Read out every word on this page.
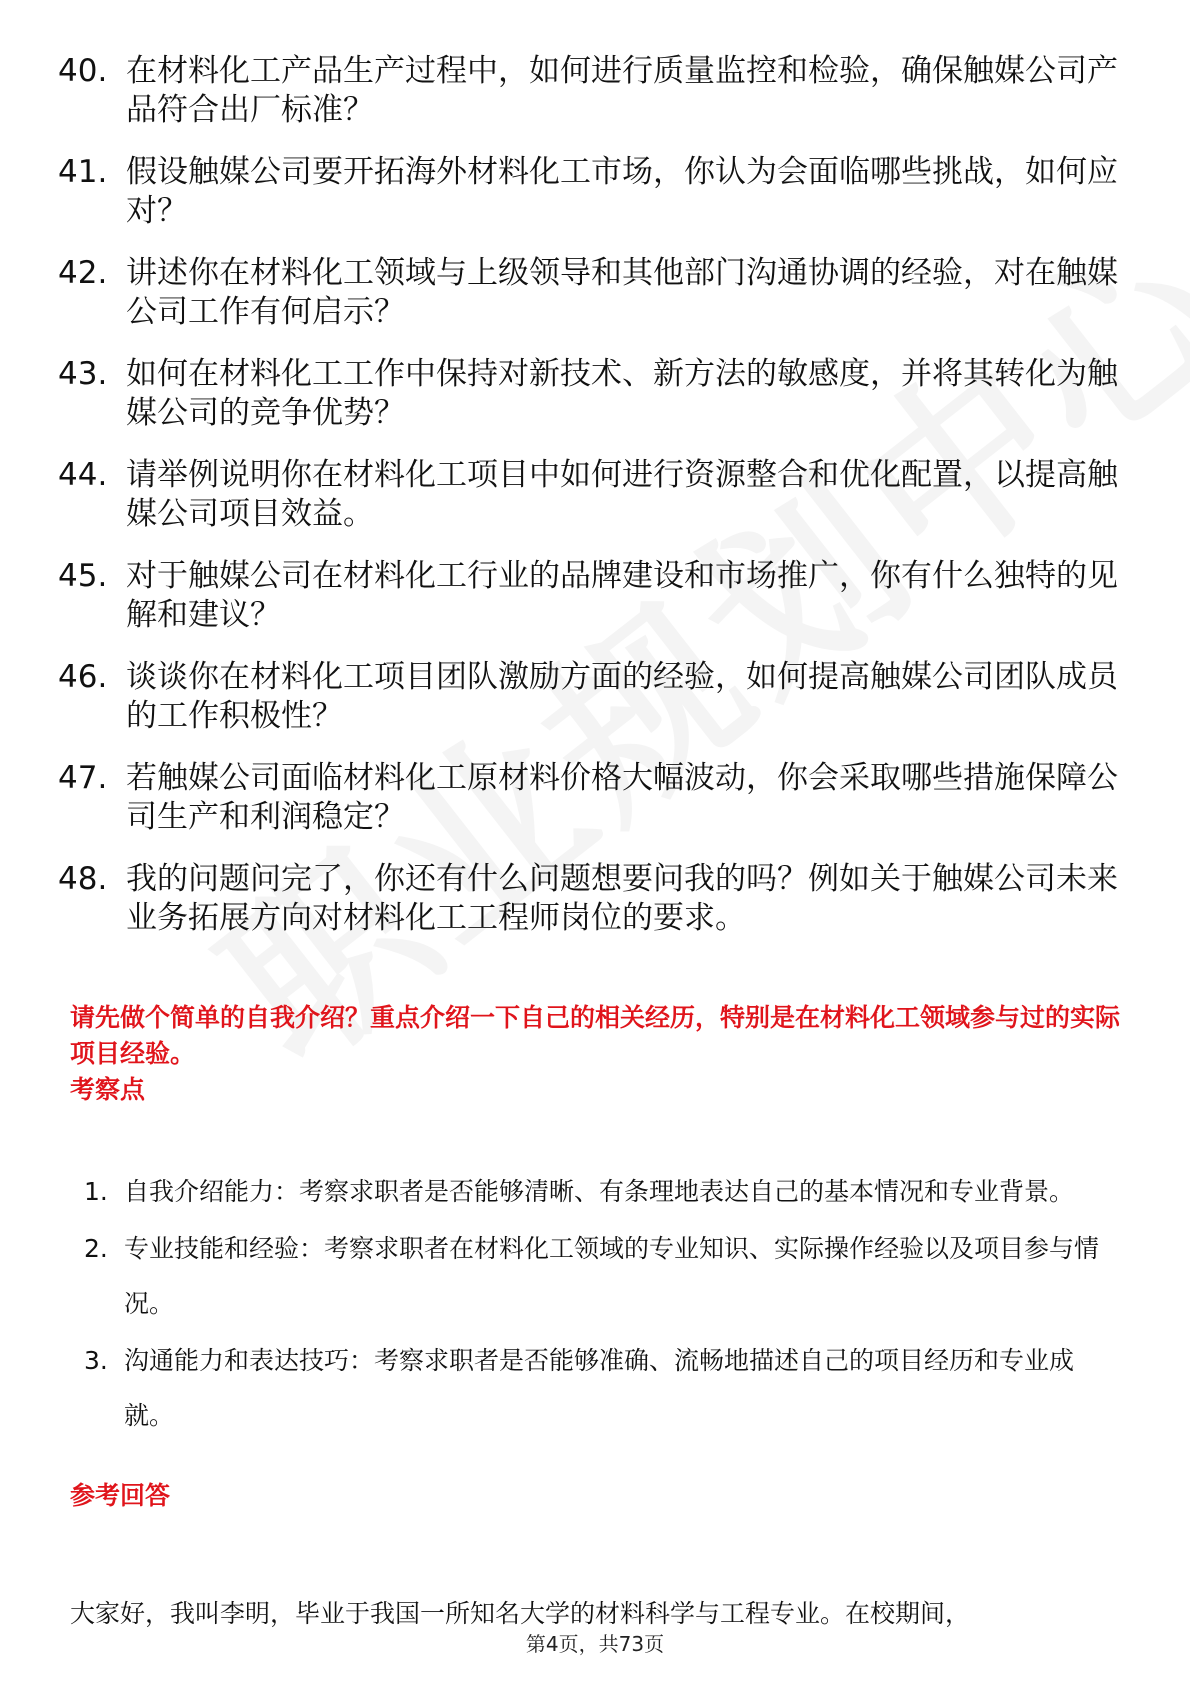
40. 在材料化工产品生产过程中，如何进行质量监控和检验，确保触媒公司产品符合出厂标准？
41. 假设触媒公司要开拓海外材料化工市场，你认为会面临哪些挑战，如何应对？
42. 讲述你在材料化工领域与上级领导和其他部门沟通协调的经验，对在触媒公司工作有何启示？
43. 如何在材料化工工作中保持对新技术、新方法的敏感度，并将其转化为触媒公司的竞争优势？
44. 请举例说明你在材料化工项目中如何进行资源整合和优化配置，以提高触媒公司项目效益。
45. 对于触媒公司在材料化工行业的品牌建设和市场推广，你有什么独特的见解和建议？
46. 谈谈你在材料化工项目团队激励方面的经验，如何提高触媒公司团队成员的工作积极性？
47. 若触媒公司面临材料化工原材料价格大幅波动，你会采取哪些措施保障公司生产和利润稳定？
48. 我的问题问完了，你还有什么问题想要问我的吗？例如关于触媒公司未来业务拓展方向对材料化工工程师岗位的要求。
请先做个简单的自我介绍？重点介绍一下自己的相关经历，特别是在材料化工领域参与过的实际项目经验。
考察点
1. 自我介绍能力：考察求职者是否能够清晰、有条理地表达自己的基本情况和专业背景。
2. 专业技能和经验：考察求职者在材料化工领域的专业知识、实际操作经验以及项目参与情况。
3. 沟通能力和表达技巧：考察求职者是否能够准确、流畅地描述自己的项目经历和专业成就。
参考回答
大家好，我叫李明，毕业于我国一所知名大学的材料科学与工程专业。在校期间，
第4页，共73页
